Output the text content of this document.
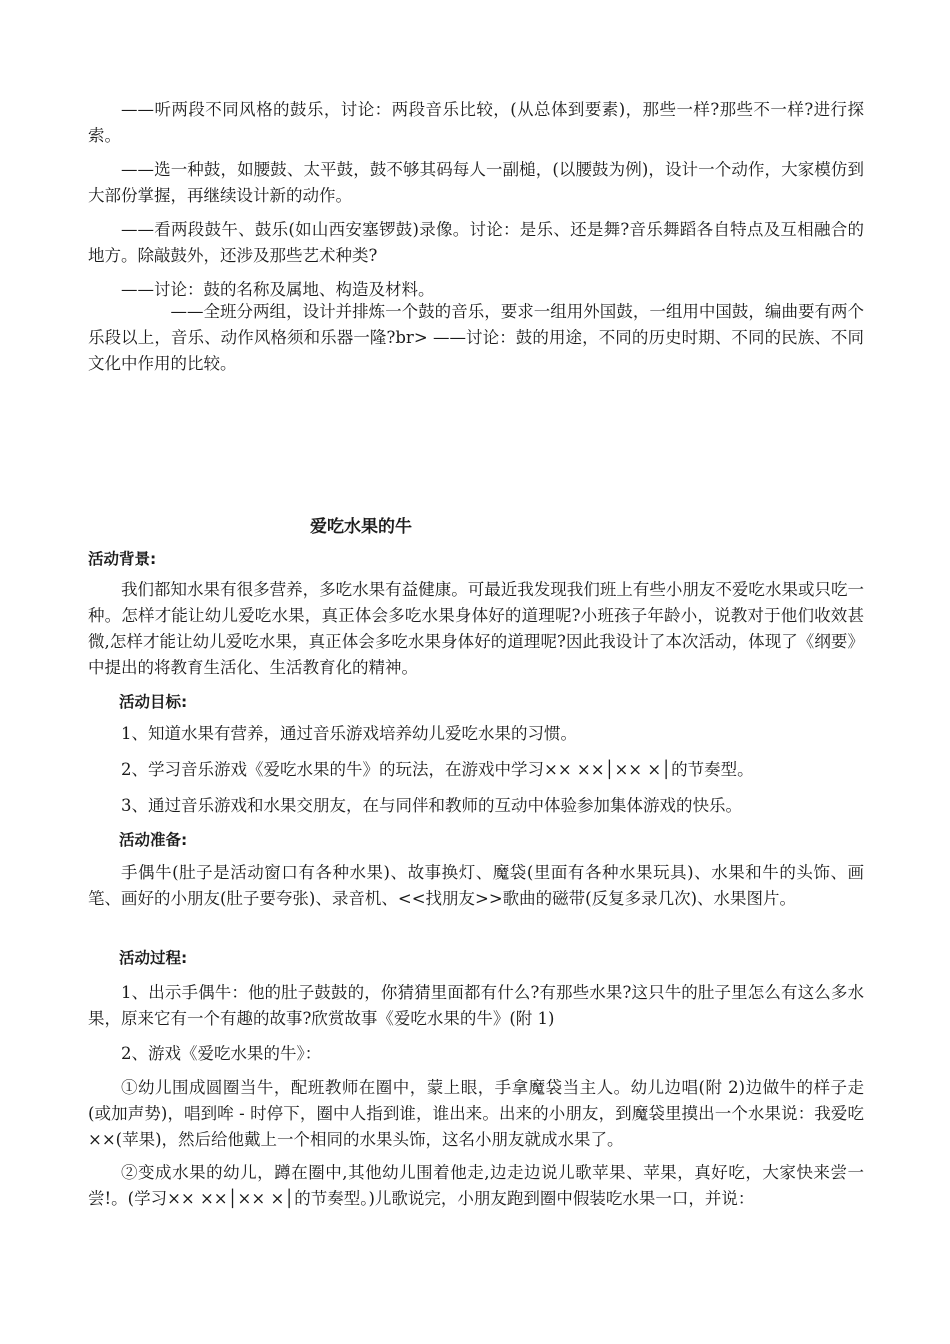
——听两段不同风格的鼓乐，讨论：两段音乐比较，(从总体到要素)，那些一样?那些不一样?进行探索。

——选一种鼓，如腰鼓、太平鼓，鼓不够其码每人一副槌，(以腰鼓为例)，设计一个动作，大家模仿到大部份掌握，再继续设计新的动作。

——看两段鼓午、鼓乐(如山西安塞锣鼓)录像。讨论：是乐、还是舞?音乐舞蹈各自特点及互相融合的地方。除敲鼓外，还涉及那些艺术种类?

——讨论：鼓的名称及属地、构造及材料。

——全班分两组，设计并排炼一个鼓的音乐，要求一组用外国鼓，一组用中国鼓，编曲要有两个乐段以上，音乐、动作风格须和乐器一隆?br> ——讨论：鼓的用途，不同的历史时期、不同的民族、不同文化中作用的比较。

爱吃水果的牛

活动背景:

我们都知水果有很多营养，多吃水果有益健康。可最近我发现我们班上有些小朋友不爱吃水果或只吃一种。怎样才能让幼儿爱吃水果，真正体会多吃水果身体好的道理呢?小班孩子年龄小，说教对于他们收效甚微,怎样才能让幼儿爱吃水果，真正体会多吃水果身体好的道理呢?因此我设计了本次活动，体现了《纲要》中提出的将教育生活化、生活教育化的精神。

活动目标:

1、知道水果有营养，通过音乐游戏培养幼儿爱吃水果的习惯。

2、学习音乐游戏《爱吃水果的牛》的玩法，在游戏中学习×× ××│×× ×│的节奏型。

3、通过音乐游戏和水果交朋友，在与同伴和教师的互动中体验参加集体游戏的快乐。

活动准备:

手偶牛(肚子是活动窗口有各种水果)、故事换灯、魔袋(里面有各种水果玩具)、水果和牛的头饰、画笔、画好的小朋友(肚子要夸张)、录音机、<<找朋友>>歌曲的磁带(反复多录几次)、水果图片。

活动过程:

1、出示手偶牛：他的肚子鼓鼓的，你猜猜里面都有什么?有那些水果?这只牛的肚子里怎么有这么多水果，原来它有一个有趣的故事?欣赏故事《爱吃水果的牛》(附 1)

2、游戏《爱吃水果的牛》：

①幼儿围成圆圈当牛，配班教师在圈中，蒙上眼，手拿魔袋当主人。幼儿边唱(附 2)边做牛的样子走(或加声势)，唱到哞 - 时停下，圈中人指到谁，谁出来。出来的小朋友，到魔袋里摸出一个水果说：我爱吃××(苹果)，然后给他戴上一个相同的水果头饰，这名小朋友就成水果了。

②变成水果的幼儿，蹲在圈中,其他幼儿围着他走,边走边说儿歌苹果、苹果，真好吃，大家快来尝一尝!。(学习×× ××│×× ×│的节奏型。)儿歌说完，小朋友跑到圈中假装吃水果一口，并说：
